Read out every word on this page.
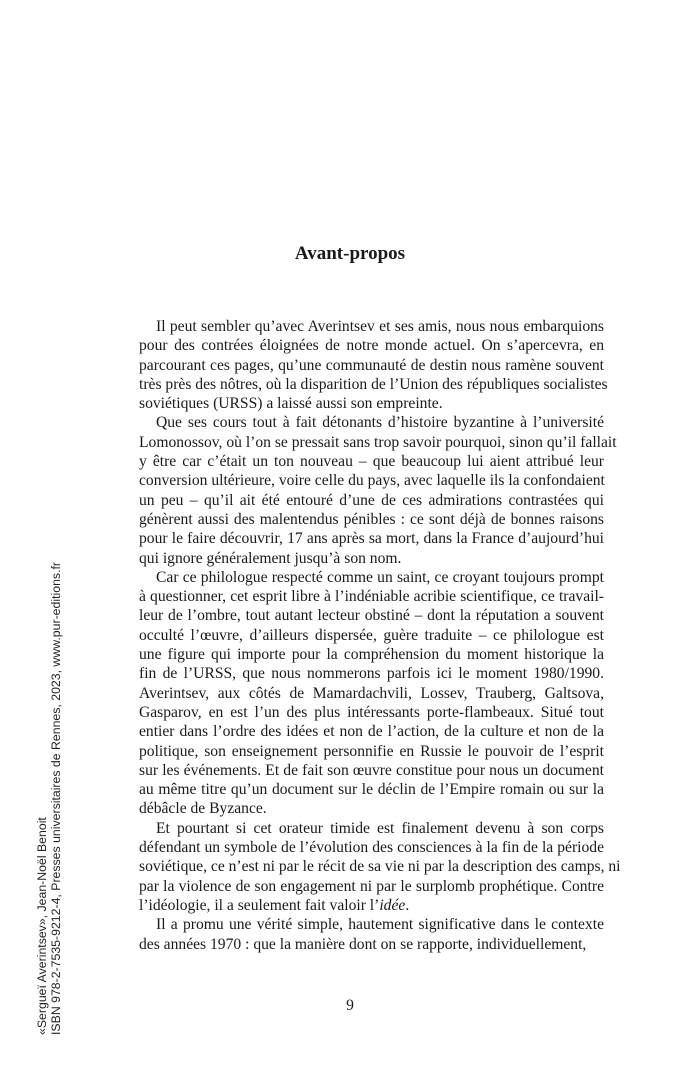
Avant-propos
Il peut sembler qu’avec Averintsev et ses amis, nous nous embarquions
pour des contrées éloignées de notre monde actuel. On s’apercevra, en
parcourant ces pages, qu’une communauté de destin nous ramène souvent
très près des nôtres, où la disparition de l’Union des républiques socialistes
soviétiques (URSS) a laissé aussi son empreinte.
Que ses cours tout à fait détonants d’histoire byzantine à l’université
Lomonossov, où l’on se pressait sans trop savoir pourquoi, sinon qu’il fallait
y être car c’était un ton nouveau – que beaucoup lui aient attribué leur
conversion ultérieure, voire celle du pays, avec laquelle ils la confondaient
un peu – qu’il ait été entouré d’une de ces admirations contrastées qui
génèrent aussi des malentendus pénibles : ce sont déjà de bonnes raisons
pour le faire découvrir, 17 ans après sa mort, dans la France d’aujourd’hui
qui ignore généralement jusqu’à son nom.
Car ce philologue respecté comme un saint, ce croyant toujours prompt
à questionner, cet esprit libre à l’indéniable acribie scientifique, ce travail-
leur de l’ombre, tout autant lecteur obstiné – dont la réputation a souvent
occulté l’œuvre, d’ailleurs dispersée, guère traduite – ce philologue est
une figure qui importe pour la compréhension du moment historique la
fin de l’URSS, que nous nommerons parfois ici le moment 1980/1990.
Averintsev, aux côtés de Mamardachvili, Lossev, Trauberg, Galtsova,
Gasparov, en est l’un des plus intéressants porte-flambeaux. Situé tout
entier dans l’ordre des idées et non de l’action, de la culture et non de la
politique, son enseignement personnifie en Russie le pouvoir de l’esprit
sur les événements. Et de fait son œuvre constitue pour nous un document
au même titre qu’un document sur le déclin de l’Empire romain ou sur la
débâcle de Byzance.
Et pourtant si cet orateur timide est finalement devenu à son corps
défendant un symbole de l’évolution des consciences à la fin de la période
soviétique, ce n’est ni par le récit de sa vie ni par la description des camps, ni
par la violence de son engagement ni par le surplomb prophétique. Contre
l’idéologie, il a seulement fait valoir l’idée.
Il a promu une vérité simple, hautement significative dans le contexte
des années 1970 : que la manière dont on se rapporte, individuellement,
9
«Sergueï Averintsev», Jean-Noël Benoit ISBN 978-2-7535-9212-4, Presses universitaires de Rennes, 2023, www.pur-editions.fr
